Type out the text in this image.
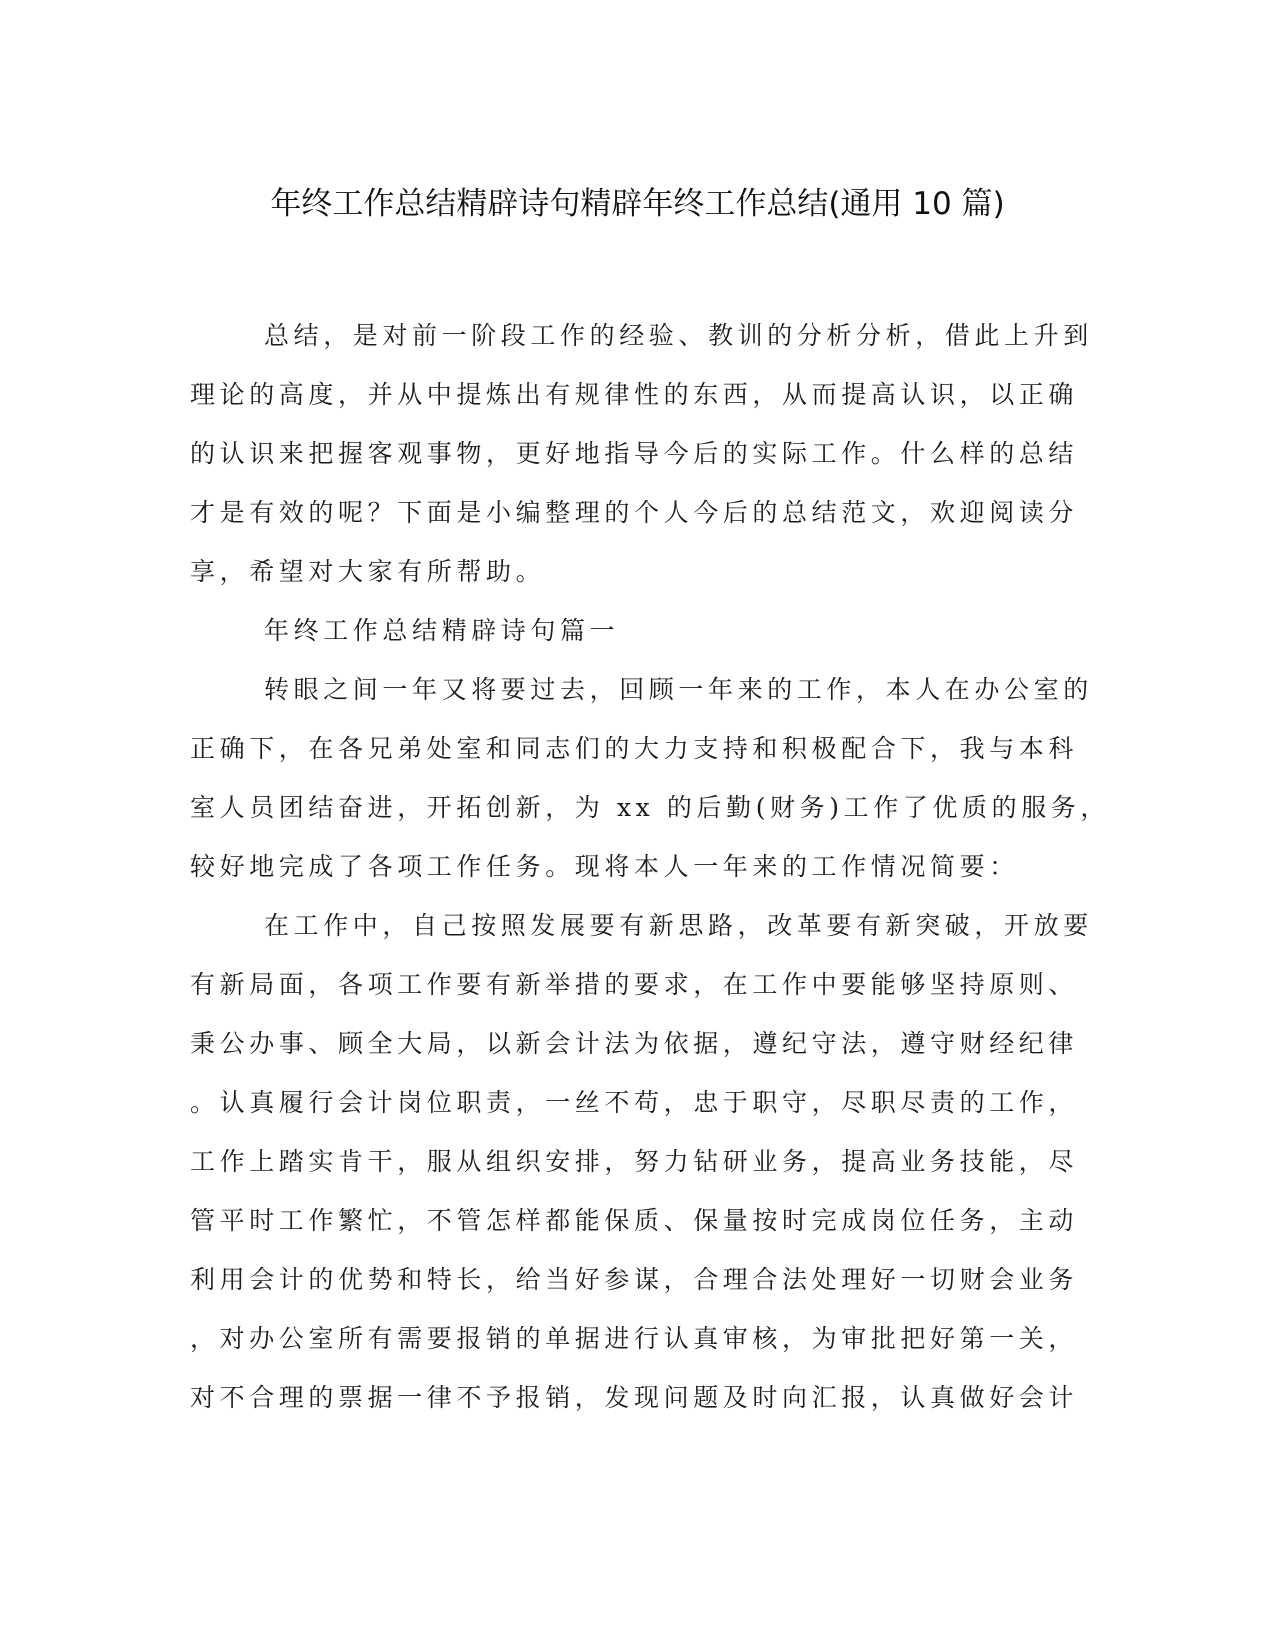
年终工作总结精辟诗句精辟年终工作总结(通用 10 篇)
总结，是对前一阶段工作的经验、教训的分析分析，借此上升到
理论的高度，并从中提炼出有规律性的东西，从而提高认识，以正确
的认识来把握客观事物，更好地指导今后的实际工作。什么样的总结
才是有效的呢？下面是小编整理的个人今后的总结范文，欢迎阅读分
享，希望对大家有所帮助。
年终工作总结精辟诗句篇一
转眼之间一年又将要过去，回顾一年来的工作，本人在办公室的
正确下，在各兄弟处室和同志们的大力支持和积极配合下，我与本科
室人员团结奋进，开拓创新，为 xx 的后勤(财务)工作了优质的服务，
较好地完成了各项工作任务。现将本人一年来的工作情况简要：
在工作中，自己按照发展要有新思路，改革要有新突破，开放要
有新局面，各项工作要有新举措的要求，在工作中要能够坚持原则、
秉公办事、顾全大局，以新会计法为依据，遵纪守法，遵守财经纪律
。认真履行会计岗位职责，一丝不苟，忠于职守，尽职尽责的工作，
工作上踏实肯干，服从组织安排，努力钻研业务，提高业务技能，尽
管平时工作繁忙，不管怎样都能保质、保量按时完成岗位任务，主动
利用会计的优势和特长，给当好参谋，合理合法处理好一切财会业务
，对办公室所有需要报销的单据进行认真审核，为审批把好第一关，
对不合理的票据一律不予报销，发现问题及时向汇报，认真做好会计
